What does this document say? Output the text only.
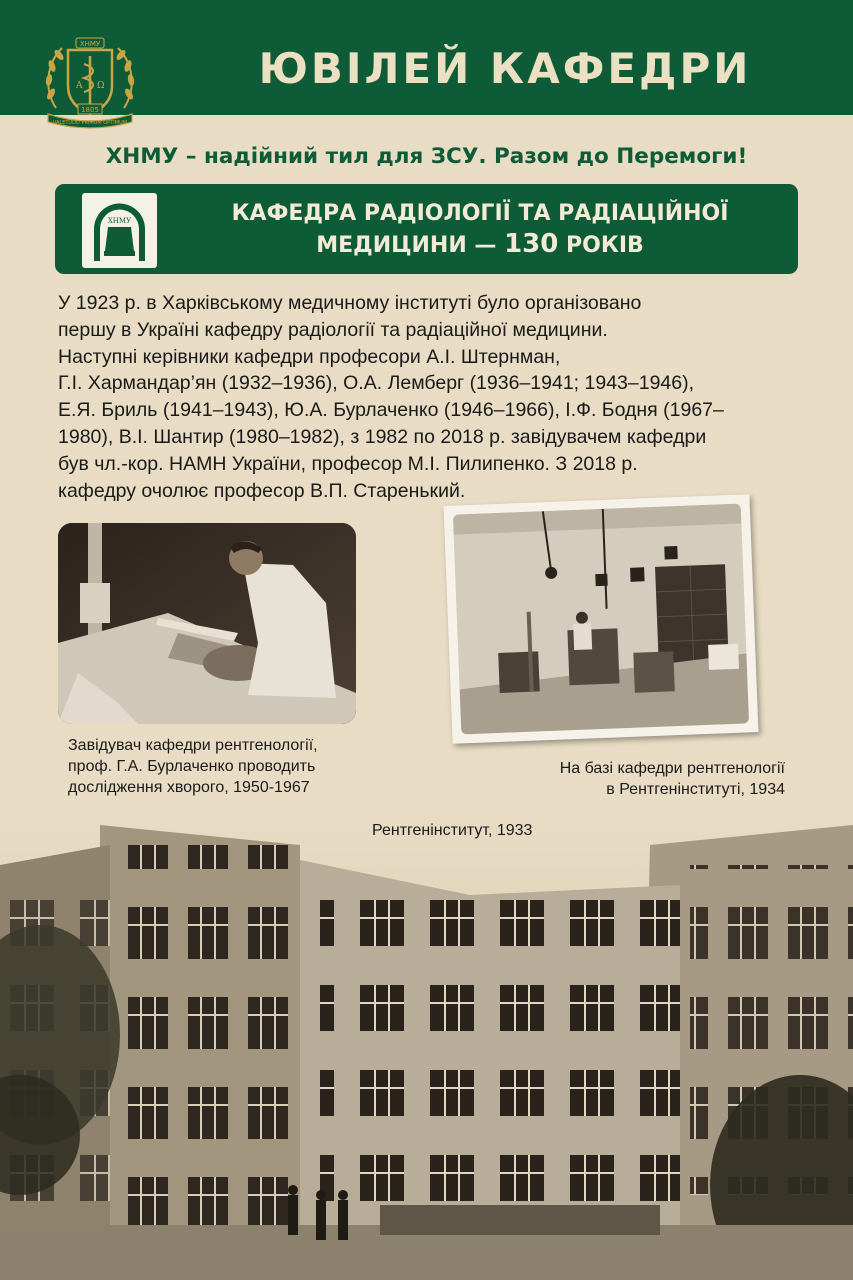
ЮВІЛЕЙ КАФЕДРИ
Α Ω
ХНМУ
1805
VALETUDO PRIMUM OPTIMUM
ХНМУ – надійний тил для ЗСУ. Разом до Перемоги!
ХНМУ	КАФЕДРА РАДІОЛОГІЇ ТА РАДІАЦІЙНОЇ
МЕДИЦИНИ — 130 РОКІВ
У 1923 р. в Харківському медичному інституті було організовано
першу в Україні кафедру радіології та радіаційної медицини.
Наступні керівники кафедри професори А.І. Штернман,
Г.І. Хармандар’ян (1932–1936), О.А. Лемберг (1936–1941; 1943–1946),
Е.Я. Бриль (1941–1943), Ю.А. Бурлаченко (1946–1966), І.Ф. Бодня (1967–
1980), В.І. Шантир (1980–1982), з 1982 по 2018 р. завідувачем кафедри
був чл.-кор. НАМН України, професор М.І. Пилипенко. З 2018 р.
кафедру очолює професор В.П. Старенький.
Завідувач кафедри рентгенології,
проф. Г.А. Бурлаченко проводить
дослідження хворого, 1950-1967
На базі кафедри рентгенології
в Рентгенінституті, 1934
Рентгенінститут, 1933
